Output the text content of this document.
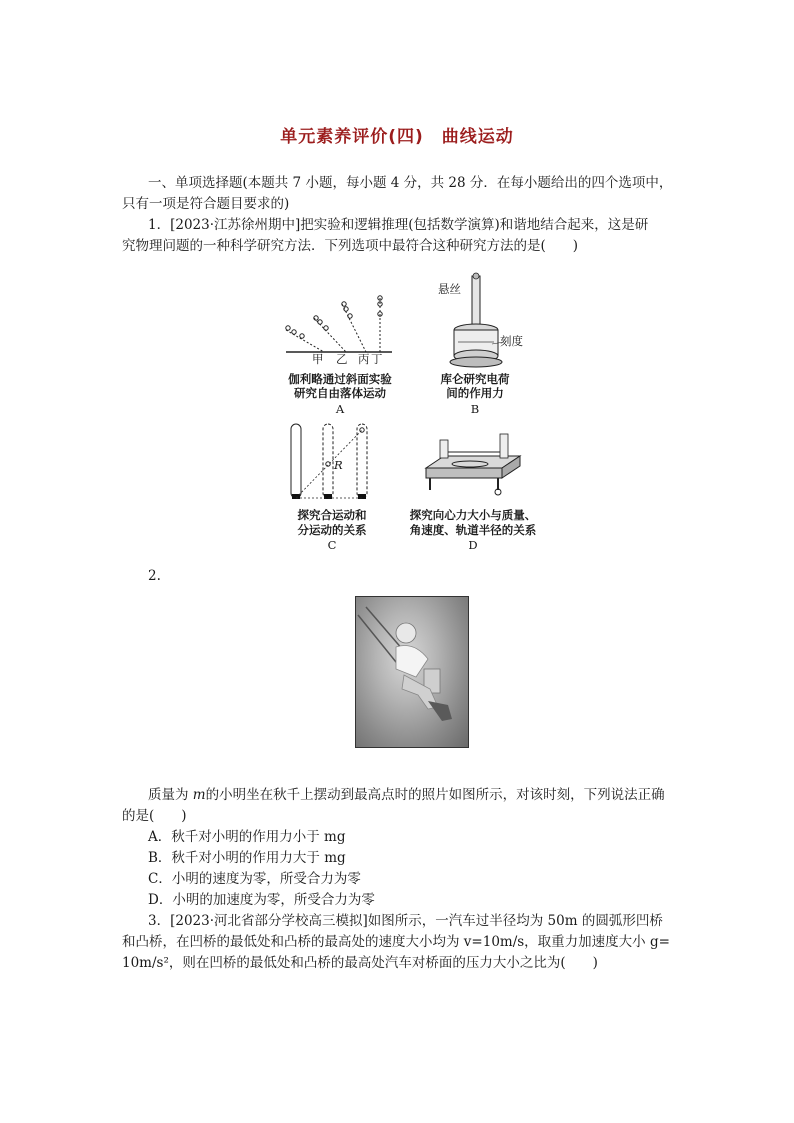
单元素养评价(四)　曲线运动
一、单项选择题(本题共 7 小题，每小题 4 分，共 28 分．在每小题给出的四个选项中，
只有一项是符合题目要求的)
1．[2023·江苏徐州期中]把实验和逻辑推理(包括数学演算)和谐地结合起来，这是研
究物理问题的一种科学研究方法．下列选项中最符合这种研究方法的是(　　)
甲 乙 丙 丁
伽利略通过斜面实验
研究自由落体运动
A
悬丝
刻度
库仑研究电荷
间的作用力
B
R
探究合运动和
分运动的关系
C
探究向心力大小与质量、
角速度、轨道半径的关系
D
2.
质量为 m的小明坐在秋千上摆动到最高点时的照片如图所示，对该时刻，下列说法正确
的是(　　)
A．秋千对小明的作用力小于 mg
B．秋千对小明的作用力大于 mg
C．小明的速度为零，所受合力为零
D．小明的加速度为零，所受合力为零
3．[2023·河北省部分学校高三模拟]如图所示，一汽车过半径均为 50m 的圆弧形凹桥
和凸桥，在凹桥的最低处和凸桥的最高处的速度大小均为 v=10m/s，取重力加速度大小 g=
10m/s²，则在凹桥的最低处和凸桥的最高处汽车对桥面的压力大小之比为(　　)
